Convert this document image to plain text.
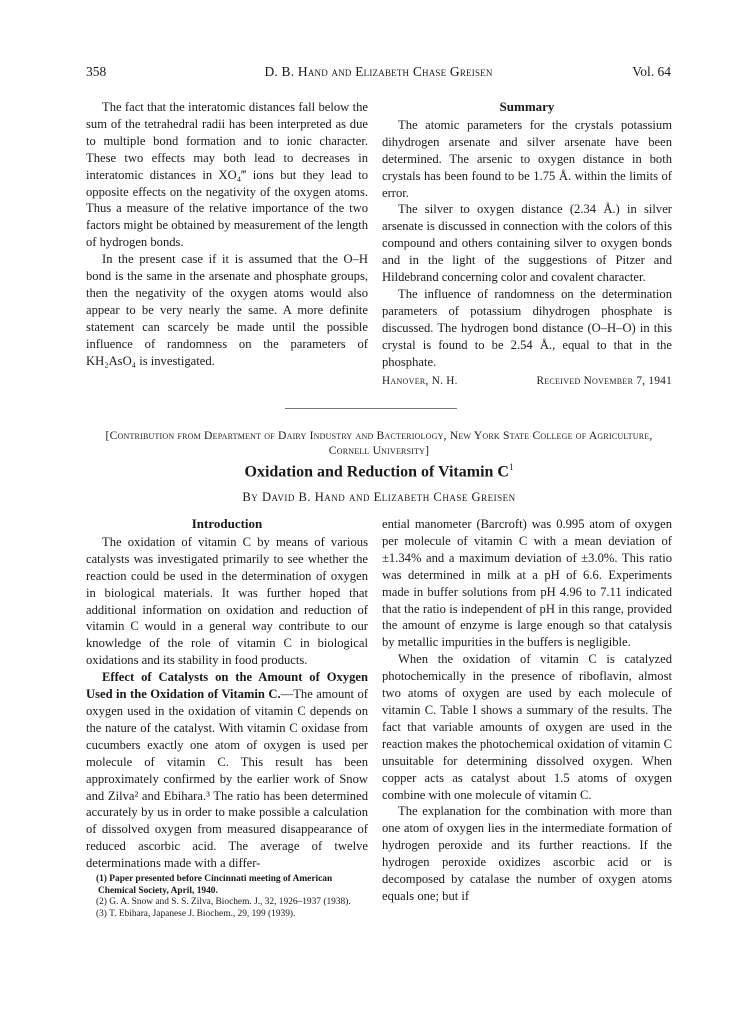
358	D. B. Hand and Elizabeth Chase Greisen	Vol. 64

The fact that the interatomic distances fall below the sum of the tetrahedral radii has been interpreted as due to multiple bond formation and to ionic character. These two effects may both lead to decreases in interatomic distances in XO₄‴ ions but they lead to opposite effects on the negativity of the oxygen atoms. Thus a measure of the relative importance of the two factors might be obtained by measurement of the length of hydrogen bonds.

In the present case if it is assumed that the O–H bond is the same in the arsenate and phosphate groups, then the negativity of the oxygen atoms would also appear to be very nearly the same. A more definite statement can scarcely be made until the possible influence of randomness on the parameters of KH₂AsO₄ is investigated.

Summary

The atomic parameters for the crystals potassium dihydrogen arsenate and silver arsenate have been determined. The arsenic to oxygen distance in both crystals has been found to be 1.75 Å. within the limits of error.

The silver to oxygen distance (2.34 Å.) in silver arsenate is discussed in connection with the colors of this compound and others containing silver to oxygen bonds and in the light of the suggestions of Pitzer and Hildebrand concerning color and covalent character.

The influence of randomness on the determination parameters of potassium dihydrogen phosphate is discussed. The hydrogen bond distance (O–H–O) in this crystal is found to be 2.54 Å., equal to that in the phosphate.

Hanover, N. H.	Received November 7, 1941
[Contribution from Department of Dairy Industry and Bacteriology, New York State College of Agriculture, Cornell University]
Oxidation and Reduction of Vitamin $C^1$
By David B. Hand and Elizabeth Chase Greisen
Introduction

The oxidation of vitamin C by means of various catalysts was investigated primarily to see whether the reaction could be used in the determination of oxygen in biological materials. It was further hoped that additional information on oxidation and reduction of vitamin C would in a general way contribute to our knowledge of the role of vitamin C in biological oxidations and its stability in food products.

Effect of Catalysts on the Amount of Oxygen Used in the Oxidation of Vitamin C.—The amount of oxygen used in the oxidation of vitamin C depends on the nature of the catalyst. With vitamin C oxidase from cucumbers exactly one atom of oxygen is used per molecule of vitamin C. This result has been approximately confirmed by the earlier work of Snow and Zilva² and Ebihara.³ The ratio has been determined accurately by us in order to make possible a calculation of dissolved oxygen from measured disappearance of reduced ascorbic acid. The average of twelve determinations made with a differ-

(1) Paper presented before Cincinnati meeting of American Chemical Society, April, 1940.

(2) G. A. Snow and S. S. Zilva, Biochem. J., 32, 1926–1937 (1938).

(3) T. Ebihara, Japanese J. Biochem., 29, 199 (1939).

ential manometer (Barcroft) was 0.995 atom of oxygen per molecule of vitamin C with a mean deviation of ±1.34% and a maximum deviation of ±3.0%. This ratio was determined in milk at a pH of 6.6. Experiments made in buffer solutions from pH 4.96 to 7.11 indicated that the ratio is independent of pH in this range, provided the amount of enzyme is large enough so that catalysis by metallic impurities in the buffers is negligible.

When the oxidation of vitamin C is catalyzed photochemically in the presence of riboflavin, almost two atoms of oxygen are used by each molecule of vitamin C. Table I shows a summary of the results. The fact that variable amounts of oxygen are used in the reaction makes the photochemical oxidation of vitamin C unsuitable for determining dissolved oxygen. When copper acts as catalyst about 1.5 atoms of oxygen combine with one molecule of vitamin C.

The explanation for the combination with more than one atom of oxygen lies in the intermediate formation of hydrogen peroxide and its further reactions. If the hydrogen peroxide oxidizes ascorbic acid or is decomposed by catalase the number of oxygen atoms equals one; but if
